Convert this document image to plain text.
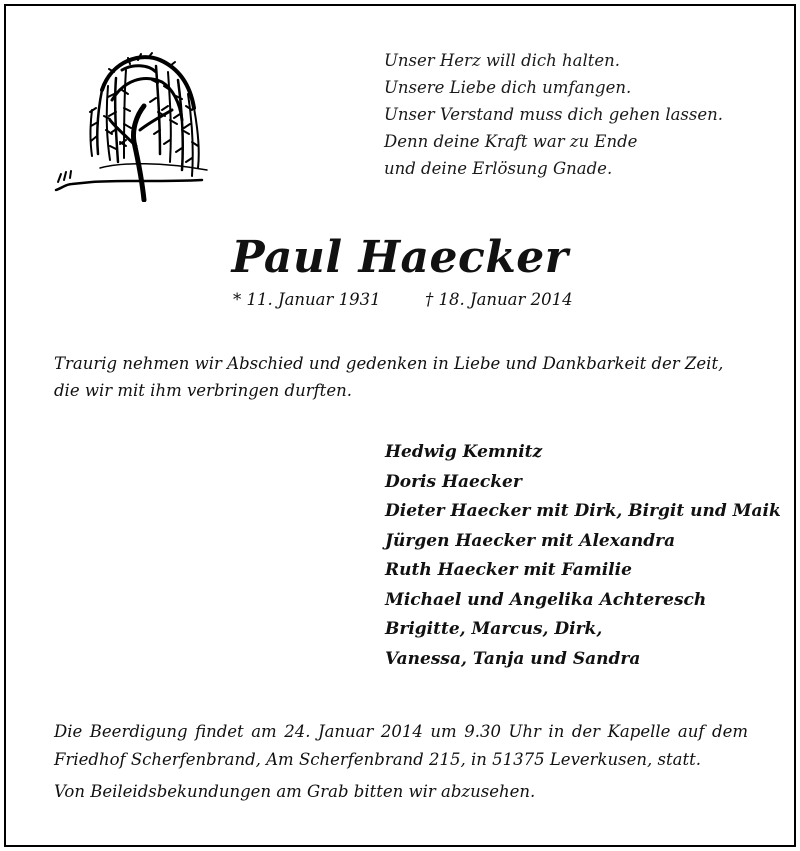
Unser Herz will dich halten.
Unsere Liebe dich umfangen.
Unser Verstand muss dich gehen lassen.
Denn deine Kraft war zu Ende
und deine Erlösung Gnade.
Paul Haecker
* 11. Januar 1931	† 18. Januar 2014
Traurig nehmen wir Abschied und gedenken in Liebe und Dankbarkeit der Zeit, die wir mit ihm verbringen durften.
Hedwig Kemnitz
Doris Haecker
Dieter Haecker mit Dirk, Birgit und Maik
Jürgen Haecker mit Alexandra
Ruth Haecker mit Familie
Michael und Angelika Achteresch
Brigitte, Marcus, Dirk,
Vanessa, Tanja und Sandra
Die Beerdigung findet am 24. Januar 2014 um 9.30 Uhr in der Kapelle auf dem Friedhof Scherfenbrand, Am Scherfenbrand 215, in 51375 Leverkusen, statt.
Von Beileidsbekundungen am Grab bitten wir abzusehen.
